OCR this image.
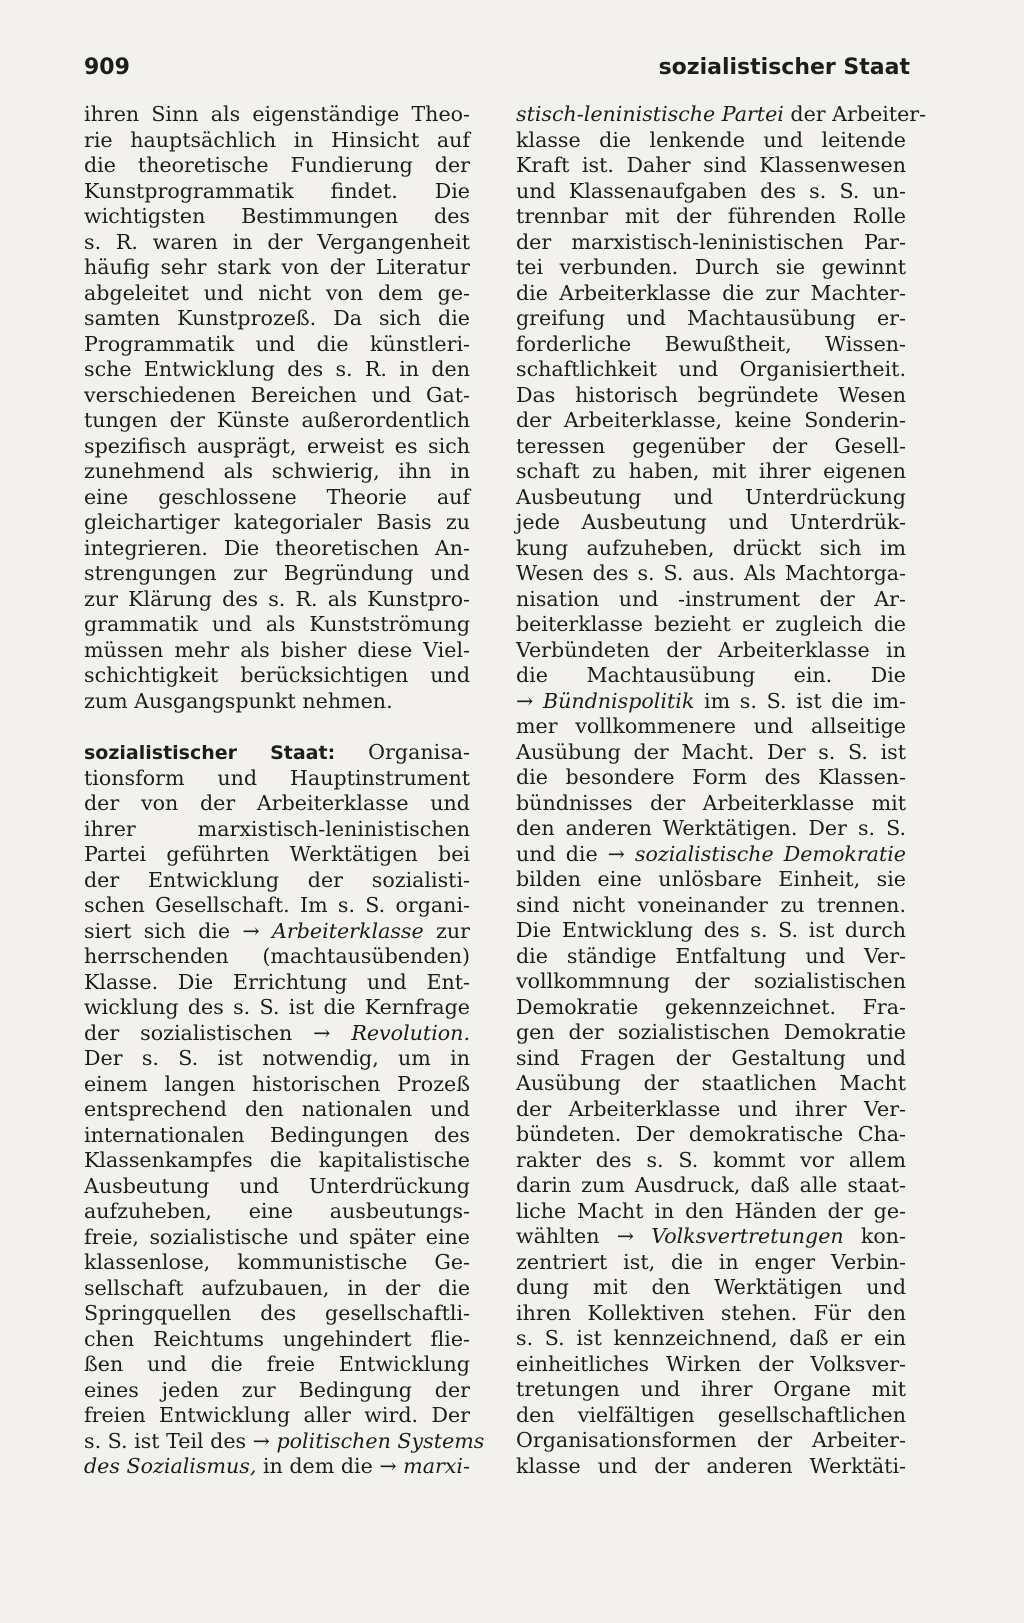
909	sozialistischer Staat
ihren Sinn als eigenständige Theo-
rie hauptsächlich in Hinsicht auf
die theoretische Fundierung der
Kunstprogrammatik findet. Die
wichtigsten Bestimmungen des
s. R. waren in der Vergangenheit
häufig sehr stark von der Literatur
abgeleitet und nicht von dem ge-
samten Kunstprozeß. Da sich die
Programmatik und die künstleri-
sche Entwicklung des s. R. in den
verschiedenen Bereichen und Gat-
tungen der Künste außerordentlich
spezifisch ausprägt, erweist es sich
zunehmend als schwierig, ihn in
eine geschlossene Theorie auf
gleichartiger kategorialer Basis zu
integrieren. Die theoretischen An-
strengungen zur Begründung und
zur Klärung des s. R. als Kunstpro-
grammatik und als Kunstströmung
müssen mehr als bisher diese Viel-
schichtigkeit berücksichtigen und
zum Ausgangspunkt nehmen.
sozialistischer Staat: Organisa-
tionsform und Hauptinstrument
der von der Arbeiterklasse und
ihrer marxistisch-leninistischen
Partei geführten Werktätigen bei
der Entwicklung der sozialisti-
schen Gesellschaft. Im s. S. organi-
siert sich die → Arbeiterklasse zur
herrschenden (machtausübenden)
Klasse. Die Errichtung und Ent-
wicklung des s. S. ist die Kernfrage
der sozialistischen → Revolution.
Der s. S. ist notwendig, um in
einem langen historischen Prozeß
entsprechend den nationalen und
internationalen Bedingungen des
Klassenkampfes die kapitalistische
Ausbeutung und Unterdrückung
aufzuheben, eine ausbeutungs-
freie, sozialistische und später eine
klassenlose, kommunistische Ge-
sellschaft aufzubauen, in der die
Springquellen des gesellschaftli-
chen Reichtums ungehindert flie-
ßen und die freie Entwicklung
eines jeden zur Bedingung der
freien Entwicklung aller wird. Der
s. S. ist Teil des → politischen Systems
des Sozialismus, in dem die → marxi-
stisch-leninistische Partei der Arbeiter-
klasse die lenkende und leitende
Kraft ist. Daher sind Klassenwesen
und Klassenaufgaben des s. S. un-
trennbar mit der führenden Rolle
der marxistisch-leninistischen Par-
tei verbunden. Durch sie gewinnt
die Arbeiterklasse die zur Machter-
greifung und Machtausübung er-
forderliche Bewußtheit, Wissen-
schaftlichkeit und Organisiertheit.
Das historisch begründete Wesen
der Arbeiterklasse, keine Sonderin-
teressen gegenüber der Gesell-
schaft zu haben, mit ihrer eigenen
Ausbeutung und Unterdrückung
jede Ausbeutung und Unterdrük-
kung aufzuheben, drückt sich im
Wesen des s. S. aus. Als Machtorga-
nisation und -instrument der Ar-
beiterklasse bezieht er zugleich die
Verbündeten der Arbeiterklasse in
die Machtausübung ein. Die
→ Bündnispolitik im s. S. ist die im-
mer vollkommenere und allseitige
Ausübung der Macht. Der s. S. ist
die besondere Form des Klassen-
bündnisses der Arbeiterklasse mit
den anderen Werktätigen. Der s. S.
und die → sozialistische Demokratie
bilden eine unlösbare Einheit, sie
sind nicht voneinander zu trennen.
Die Entwicklung des s. S. ist durch
die ständige Entfaltung und Ver-
vollkommnung der sozialistischen
Demokratie gekennzeichnet. Fra-
gen der sozialistischen Demokratie
sind Fragen der Gestaltung und
Ausübung der staatlichen Macht
der Arbeiterklasse und ihrer Ver-
bündeten. Der demokratische Cha-
rakter des s. S. kommt vor allem
darin zum Ausdruck, daß alle staat-
liche Macht in den Händen der ge-
wählten → Volksvertretungen kon-
zentriert ist, die in enger Verbin-
dung mit den Werktätigen und
ihren Kollektiven stehen. Für den
s. S. ist kennzeichnend, daß er ein
einheitliches Wirken der Volksver-
tretungen und ihrer Organe mit
den vielfältigen gesellschaftlichen
Organisationsformen der Arbeiter-
klasse und der anderen Werktäti-
